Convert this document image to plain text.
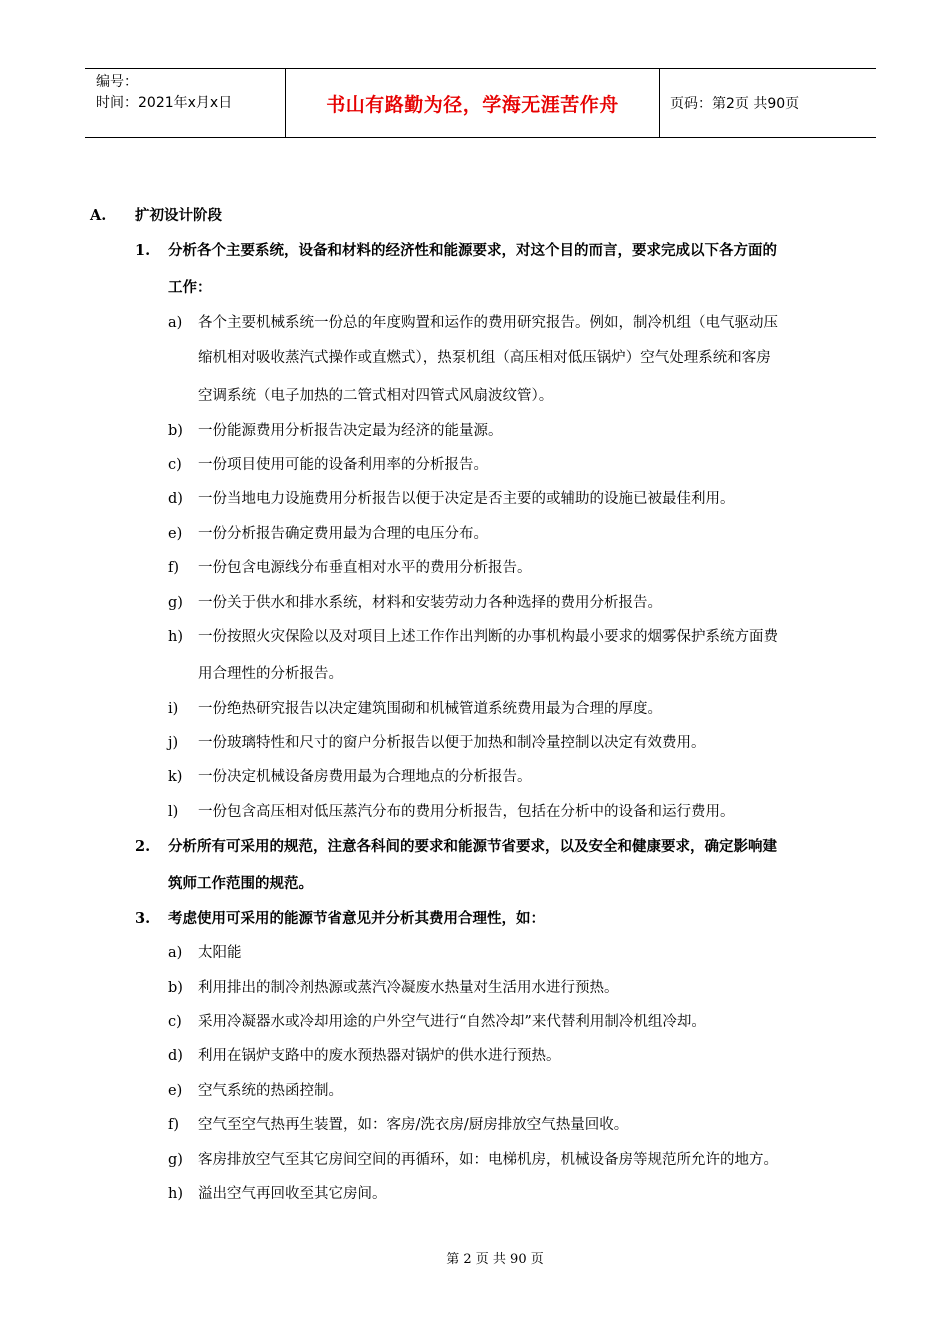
编号：
时间：2021年x月x日	书山有路勤为径，学海无涯苦作舟	页码：第2页 共90页
A. 扩初设计阶段
1. 分析各个主要系统，设备和材料的经济性和能源要求，对这个目的而言，要求完成以下各方面的
工作：
a) 各个主要机械系统一份总的年度购置和运作的费用研究报告。例如，制冷机组（电气驱动压
缩机相对吸收蒸汽式操作或直燃式），热泵机组（高压相对低压锅炉）空气处理系统和客房
空调系统（电子加热的二管式相对四管式风扇波纹管）。
b) 一份能源费用分析报告决定最为经济的能量源。
c) 一份项目使用可能的设备利用率的分析报告。
d) 一份当地电力设施费用分析报告以便于决定是否主要的或辅助的设施已被最佳利用。
e) 一份分析报告确定费用最为合理的电压分布。
f) 一份包含电源线分布垂直相对水平的费用分析报告。
g) 一份关于供水和排水系统，材料和安装劳动力各种选择的费用分析报告。
h) 一份按照火灾保险以及对项目上述工作作出判断的办事机构最小要求的烟雾保护系统方面费
用合理性的分析报告。
i) 一份绝热研究报告以决定建筑围砌和机械管道系统费用最为合理的厚度。
j) 一份玻璃特性和尺寸的窗户分析报告以便于加热和制冷量控制以决定有效费用。
k) 一份决定机械设备房费用最为合理地点的分析报告。
l) 一份包含高压相对低压蒸汽分布的费用分析报告，包括在分析中的设备和运行费用。
2. 分析所有可采用的规范，注意各科间的要求和能源节省要求，以及安全和健康要求，确定影响建
筑师工作范围的规范。
3. 考虑使用可采用的能源节省意见并分析其费用合理性，如：
a) 太阳能
b) 利用排出的制冷剂热源或蒸汽冷凝废水热量对生活用水进行预热。
c) 采用冷凝器水或冷却用途的户外空气进行“自然冷却”来代替利用制冷机组冷却。
d) 利用在锅炉支路中的废水预热器对锅炉的供水进行预热。
e) 空气系统的热函控制。
f) 空气至空气热再生装置，如：客房/洗衣房/厨房排放空气热量回收。
g) 客房排放空气至其它房间空间的再循环，如：电梯机房，机械设备房等规范所允许的地方。
h) 溢出空气再回收至其它房间。
第 2 页 共 90 页
